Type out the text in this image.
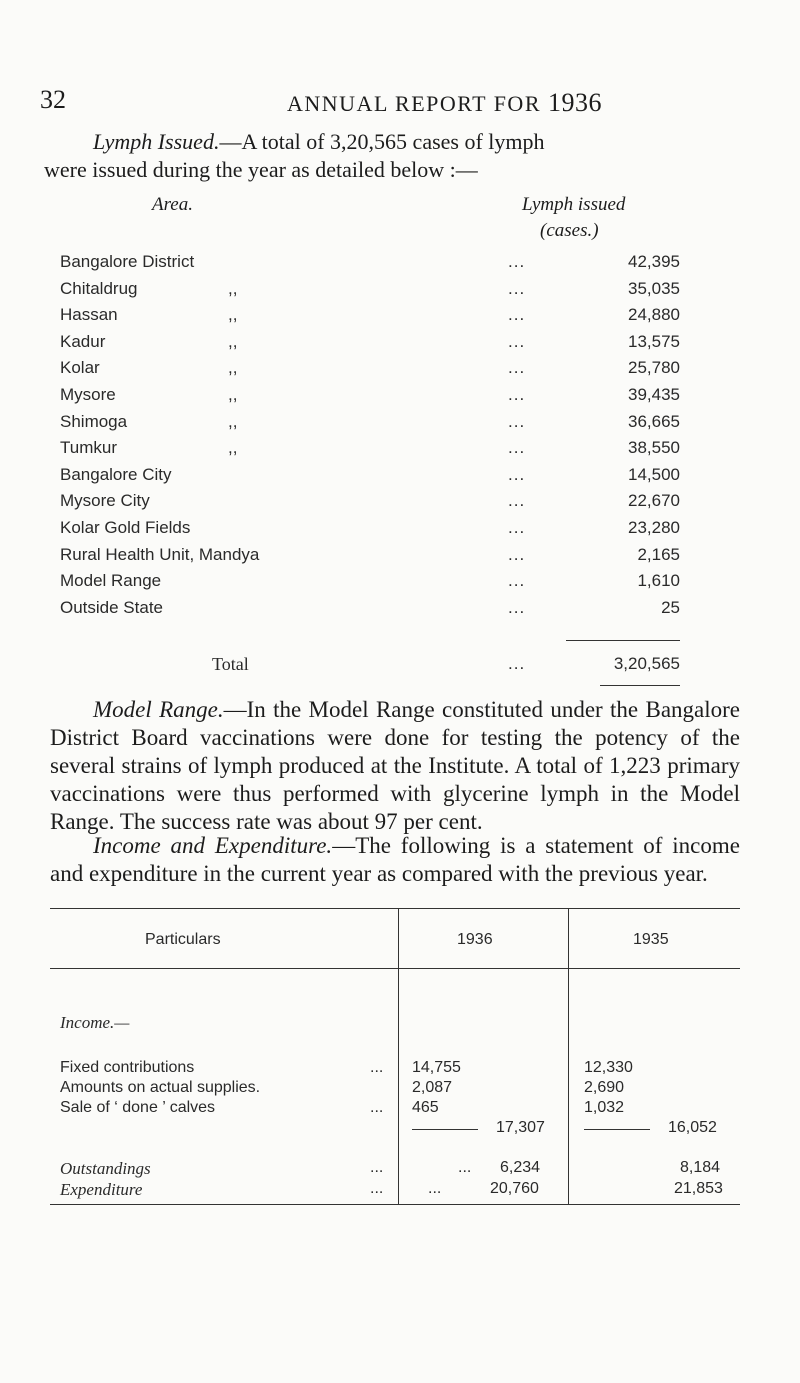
32	ANNUAL REPORT FOR 1936

Lymph Issued.—A total of 3,20,565 cases of lymph

were issued during the year as detailed below :—

Area.	Lymph issued
(cases.)
Bangalore District	...	42,395
Chitaldrug	,,	...	35,035
Hassan	,,	...	24,880
Kadur	,,	...	13,575
Kolar	,,	...	25,780
Mysore	,,	...	39,435
Shimoga	,,	...	36,665
Tumkur	,,	...	38,550
Bangalore City	...	14,500
Mysore City	...	22,670
Kolar Gold Fields	...	23,280
Rural Health Unit, Mandya	...	2,165
Model Range	...	1,610
Outside State	...	25
Total	...	3,20,565

Model Range.—In the Model Range constituted under the Bangalore District Board vaccinations were done for testing the potency of the several strains of lymph produced at the Institute. A total of 1,223 primary vaccinations were thus performed with glycerine lymph in the Model Range. The success rate was about 97 per cent.

Income and Expenditure.—The following is a statement of income and expenditure in the current year as compared with the previous year.

Particulars	1936	1935
Income.—
Fixed contributions	... 14,755	12,330
Amounts on actual supplies.	2,087	2,690
Sale of ‘ done ’ calves	... 465	1,032
17,307	16,052
Outstandings	...	... 6,234	8,184
Expenditure	...	...	20,760	21,853
